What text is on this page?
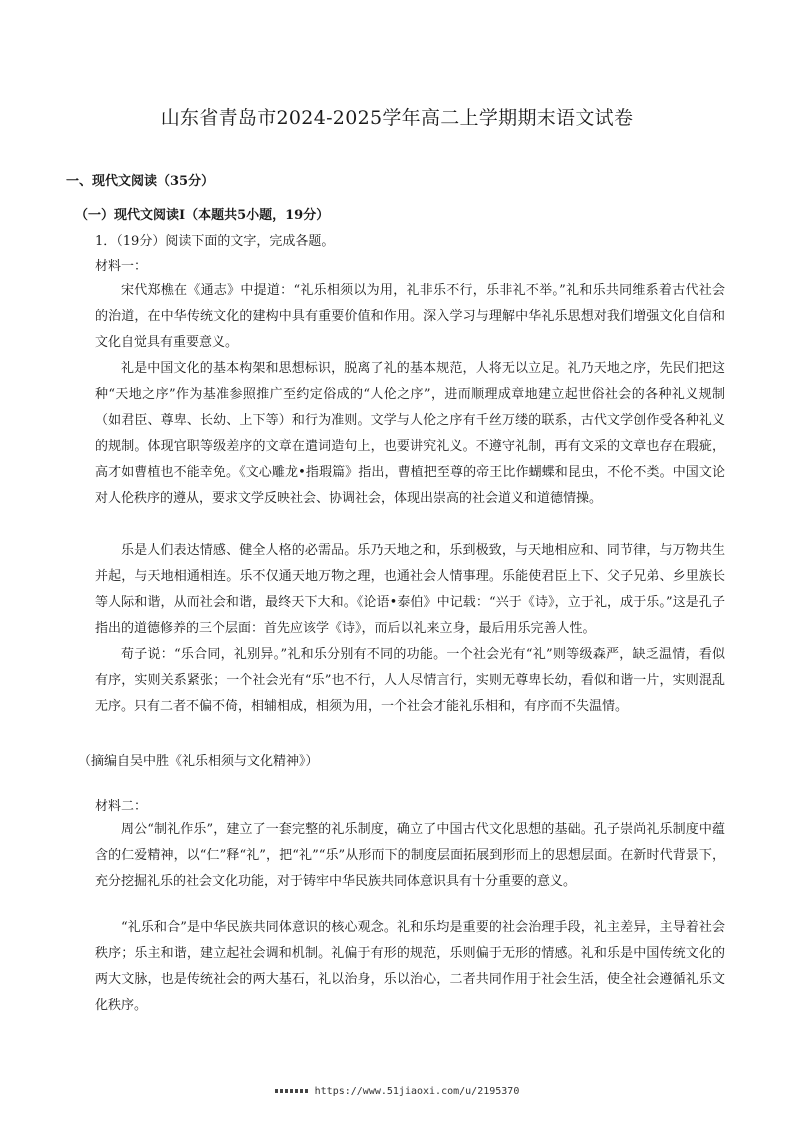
山东省青岛市2024-2025学年高二上学期期末语文试卷
一、现代文阅读（35分）
（一）现代文阅读Ⅰ（本题共5小题，19分）
1．（19分）阅读下面的文字，完成各题。
材料一：

宋代郑樵在《通志》中提道：“礼乐相须以为用，礼非乐不行，乐非礼不举。”礼和乐共同维系着古代社会的治道，在中华传统文化的建构中具有重要价值和作用。深入学习与理解中华礼乐思想对我们增强文化自信和文化自觉具有重要意义。

礼是中国文化的基本构架和思想标识，脱离了礼的基本规范，人将无以立足。礼乃天地之序，先民们把这种“天地之序”作为基准参照推广至约定俗成的“人伦之序”，进而顺理成章地建立起世俗社会的各种礼义规制（如君臣、尊卑、长幼、上下等）和行为准则。文学与人伦之序有千丝万缕的联系，古代文学创作受各种礼义的规制。体现官职等级差序的文章在遣词造句上，也要讲究礼义。不遵守礼制，再有文采的文章也存在瑕疵，高才如曹植也不能幸免。《文心雕龙•指瑕篇》指出，曹植把至尊的帝王比作蝴蝶和昆虫，不伦不类。中国文论对人伦秩序的遵从，要求文学反映社会、协调社会，体现出崇高的社会道义和道德情操。

乐是人们表达情感、健全人格的必需品。乐乃天地之和，乐到极致，与天地相应和、同节律，与万物共生并起，与天地相通相连。乐不仅通天地万物之理，也通社会人情事理。乐能使君臣上下、父子兄弟、乡里族长等人际和谐，从而社会和谐，最终天下大和。《论语•泰伯》中记载：“兴于《诗》，立于礼，成于乐。”这是孔子指出的道德修养的三个层面：首先应该学《诗》，而后以礼来立身，最后用乐完善人性。

荀子说：“乐合同，礼别异。”礼和乐分别有不同的功能。一个社会光有“礼”则等级森严，缺乏温情，看似有序，实则关系紧张；一个社会光有“乐”也不行，人人尽情言行，实则无尊卑长幼，看似和谐一片，实则混乱无序。只有二者不偏不倚，相辅相成，相须为用，一个社会才能礼乐相和，有序而不失温情。

（摘编自吴中胜《礼乐相须与文化精神》）
材料二：

周公“制礼作乐”，建立了一套完整的礼乐制度，确立了中国古代文化思想的基础。孔子崇尚礼乐制度中蕴含的仁爱精神，以“仁”释“礼”，把“礼”“乐”从形而下的制度层面拓展到形而上的思想层面。在新时代背景下，充分挖掘礼乐的社会文化功能，对于铸牢中华民族共同体意识具有十分重要的意义。

“礼乐和合”是中华民族共同体意识的核心观念。礼和乐均是重要的社会治理手段，礼主差异，主导着社会秩序；乐主和谐，建立起社会调和机制。礼偏于有形的规范，乐则偏于无形的情感。礼和乐是中国传统文化的两大文脉，也是传统社会的两大基石，礼以治身，乐以治心，二者共同作用于社会生活，使全社会遵循礼乐文化秩序。

https://www.51jiaoxi.com/u/2195370
